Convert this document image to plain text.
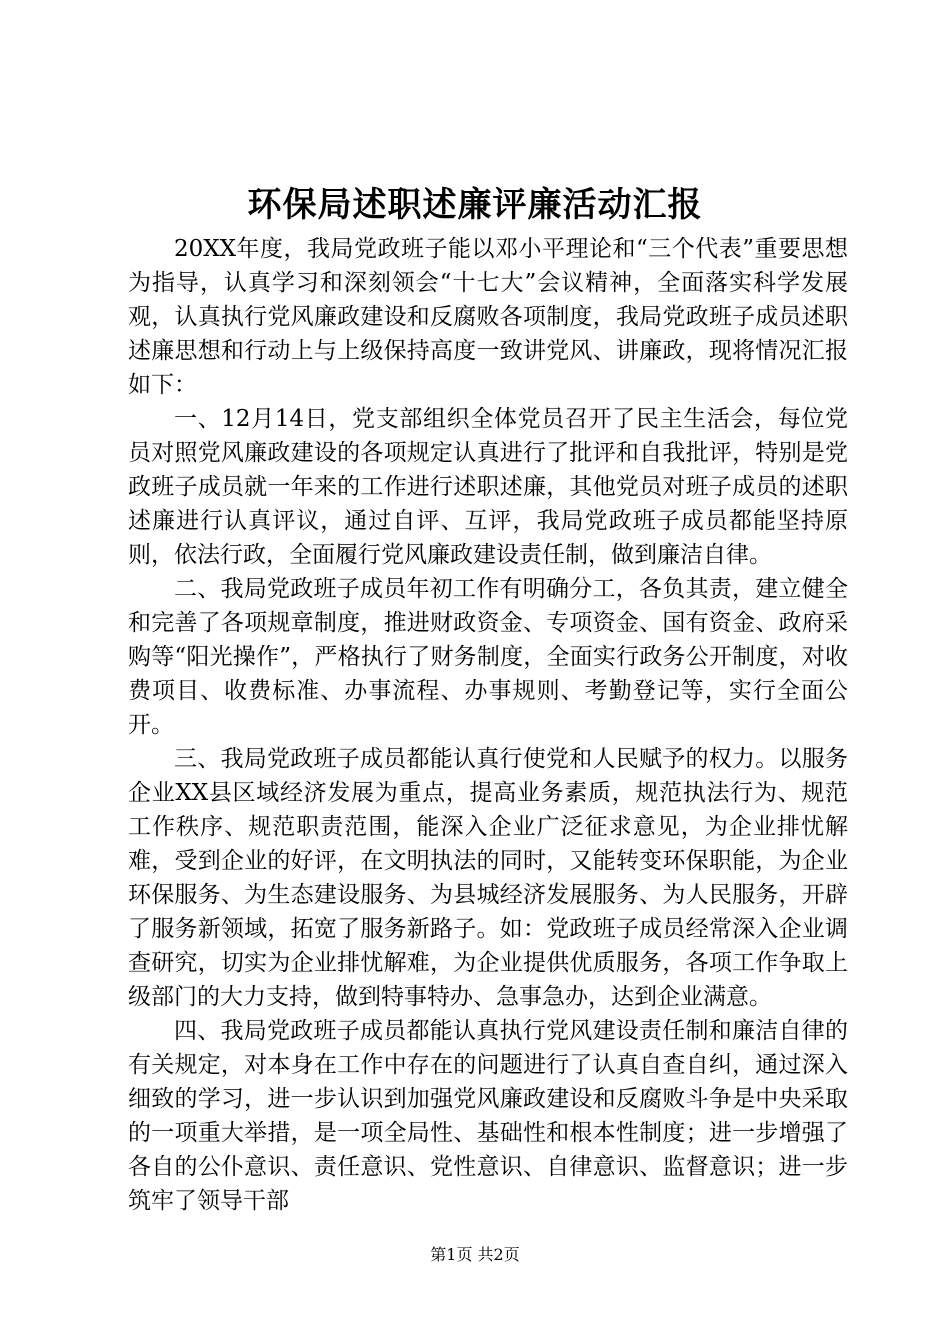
环保局述职述廉评廉活动汇报

20XX年度，我局党政班子能以邓小平理论和“三个代表”重要思想为指导，认真学习和深刻领会“十七大”会议精神，全面落实科学发展观，认真执行党风廉政建设和反腐败各项制度，我局党政班子成员述职述廉思想和行动上与上级保持高度一致讲党风、讲廉政，现将情况汇报如下：

一、12月14日，党支部组织全体党员召开了民主生活会，每位党员对照党风廉政建设的各项规定认真进行了批评和自我批评，特别是党政班子成员就一年来的工作进行述职述廉，其他党员对班子成员的述职述廉进行认真评议，通过自评、互评，我局党政班子成员都能坚持原则，依法行政，全面履行党风廉政建设责任制，做到廉洁自律。

二、我局党政班子成员年初工作有明确分工，各负其责，建立健全和完善了各项规章制度，推进财政资金、专项资金、国有资金、政府采购等“阳光操作”，严格执行了财务制度，全面实行政务公开制度，对收费项目、收费标准、办事流程、办事规则、考勤登记等，实行全面公开。

三、我局党政班子成员都能认真行使党和人民赋予的权力。以服务企业XX县区域经济发展为重点，提高业务素质，规范执法行为、规范工作秩序、规范职责范围，能深入企业广泛征求意见，为企业排忧解难，受到企业的好评，在文明执法的同时，又能转变环保职能，为企业环保服务、为生态建设服务、为县城经济发展服务、为人民服务，开辟了服务新领域，拓宽了服务新路子。如：党政班子成员经常深入企业调查研究，切实为企业排忧解难，为企业提供优质服务，各项工作争取上级部门的大力支持，做到特事特办、急事急办，达到企业满意。

四、我局党政班子成员都能认真执行党风建设责任制和廉洁自律的有关规定，对本身在工作中存在的问题进行了认真自查自纠，通过深入细致的学习，进一步认识到加强党风廉政建设和反腐败斗争是中央采取的一项重大举措，是一项全局性、基础性和根本性制度；进一步增强了各自的公仆意识、责任意识、党性意识、自律意识、监督意识；进一步筑牢了领导干部

第1页 共2页
